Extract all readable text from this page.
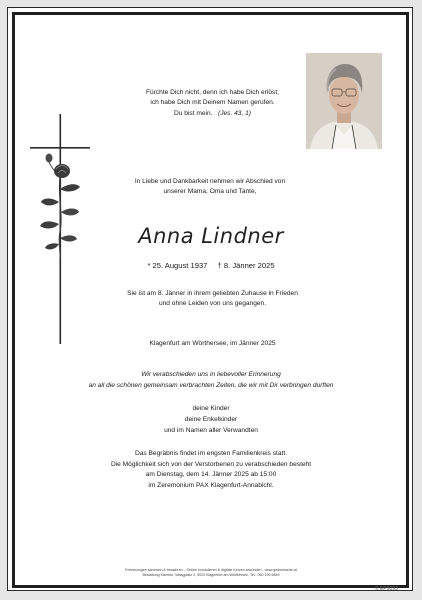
Fürchte Dich nicht, denn ich habe Dich erlöst;
ich habe Dich mit Deinem Namen gerufen.
Du bist mein. (Jes. 43, 1)
In Liebe und Dankbarkeit nehmen wir Abschied von
unserer Mama, Oma und Tante,
Anna Lindner
* 25. August 1937 † 8. Jänner 2025
Sie ist am 8. Jänner in ihrem geliebten Zuhause in Frieden
und ohne Leiden von uns gegangen.
Klagenfurt am Wörthersee, im Jänner 2025
Wir verabschieden uns in liebevoller Erinnerung
an all die schönen gemeinsam verbrachten Zeiten, die wir mit Dir verbringen durften
deine Kinder
deine Enkelkinder
und im Namen aller Verwandten
Das Begräbnis findet im engsten Familienkreis statt.
Die Möglichkeit sich von der Verstorbenen zu verabschieden besteht
am Dienstag, dem 14. Jänner 2025 ab 15:00
im Zeremonium PAX Klagenfurt-Annabichl.
Erinnerungen sammeln & bewahren – Online kondolieren & digitale Kerzen anzünden - www.gedenkseite.at
Bestattung Kärnten, Waagplatz 2, 9020 Klagenfurt am Wörthersee, Tel.: 050 199 6849
© EP9093
